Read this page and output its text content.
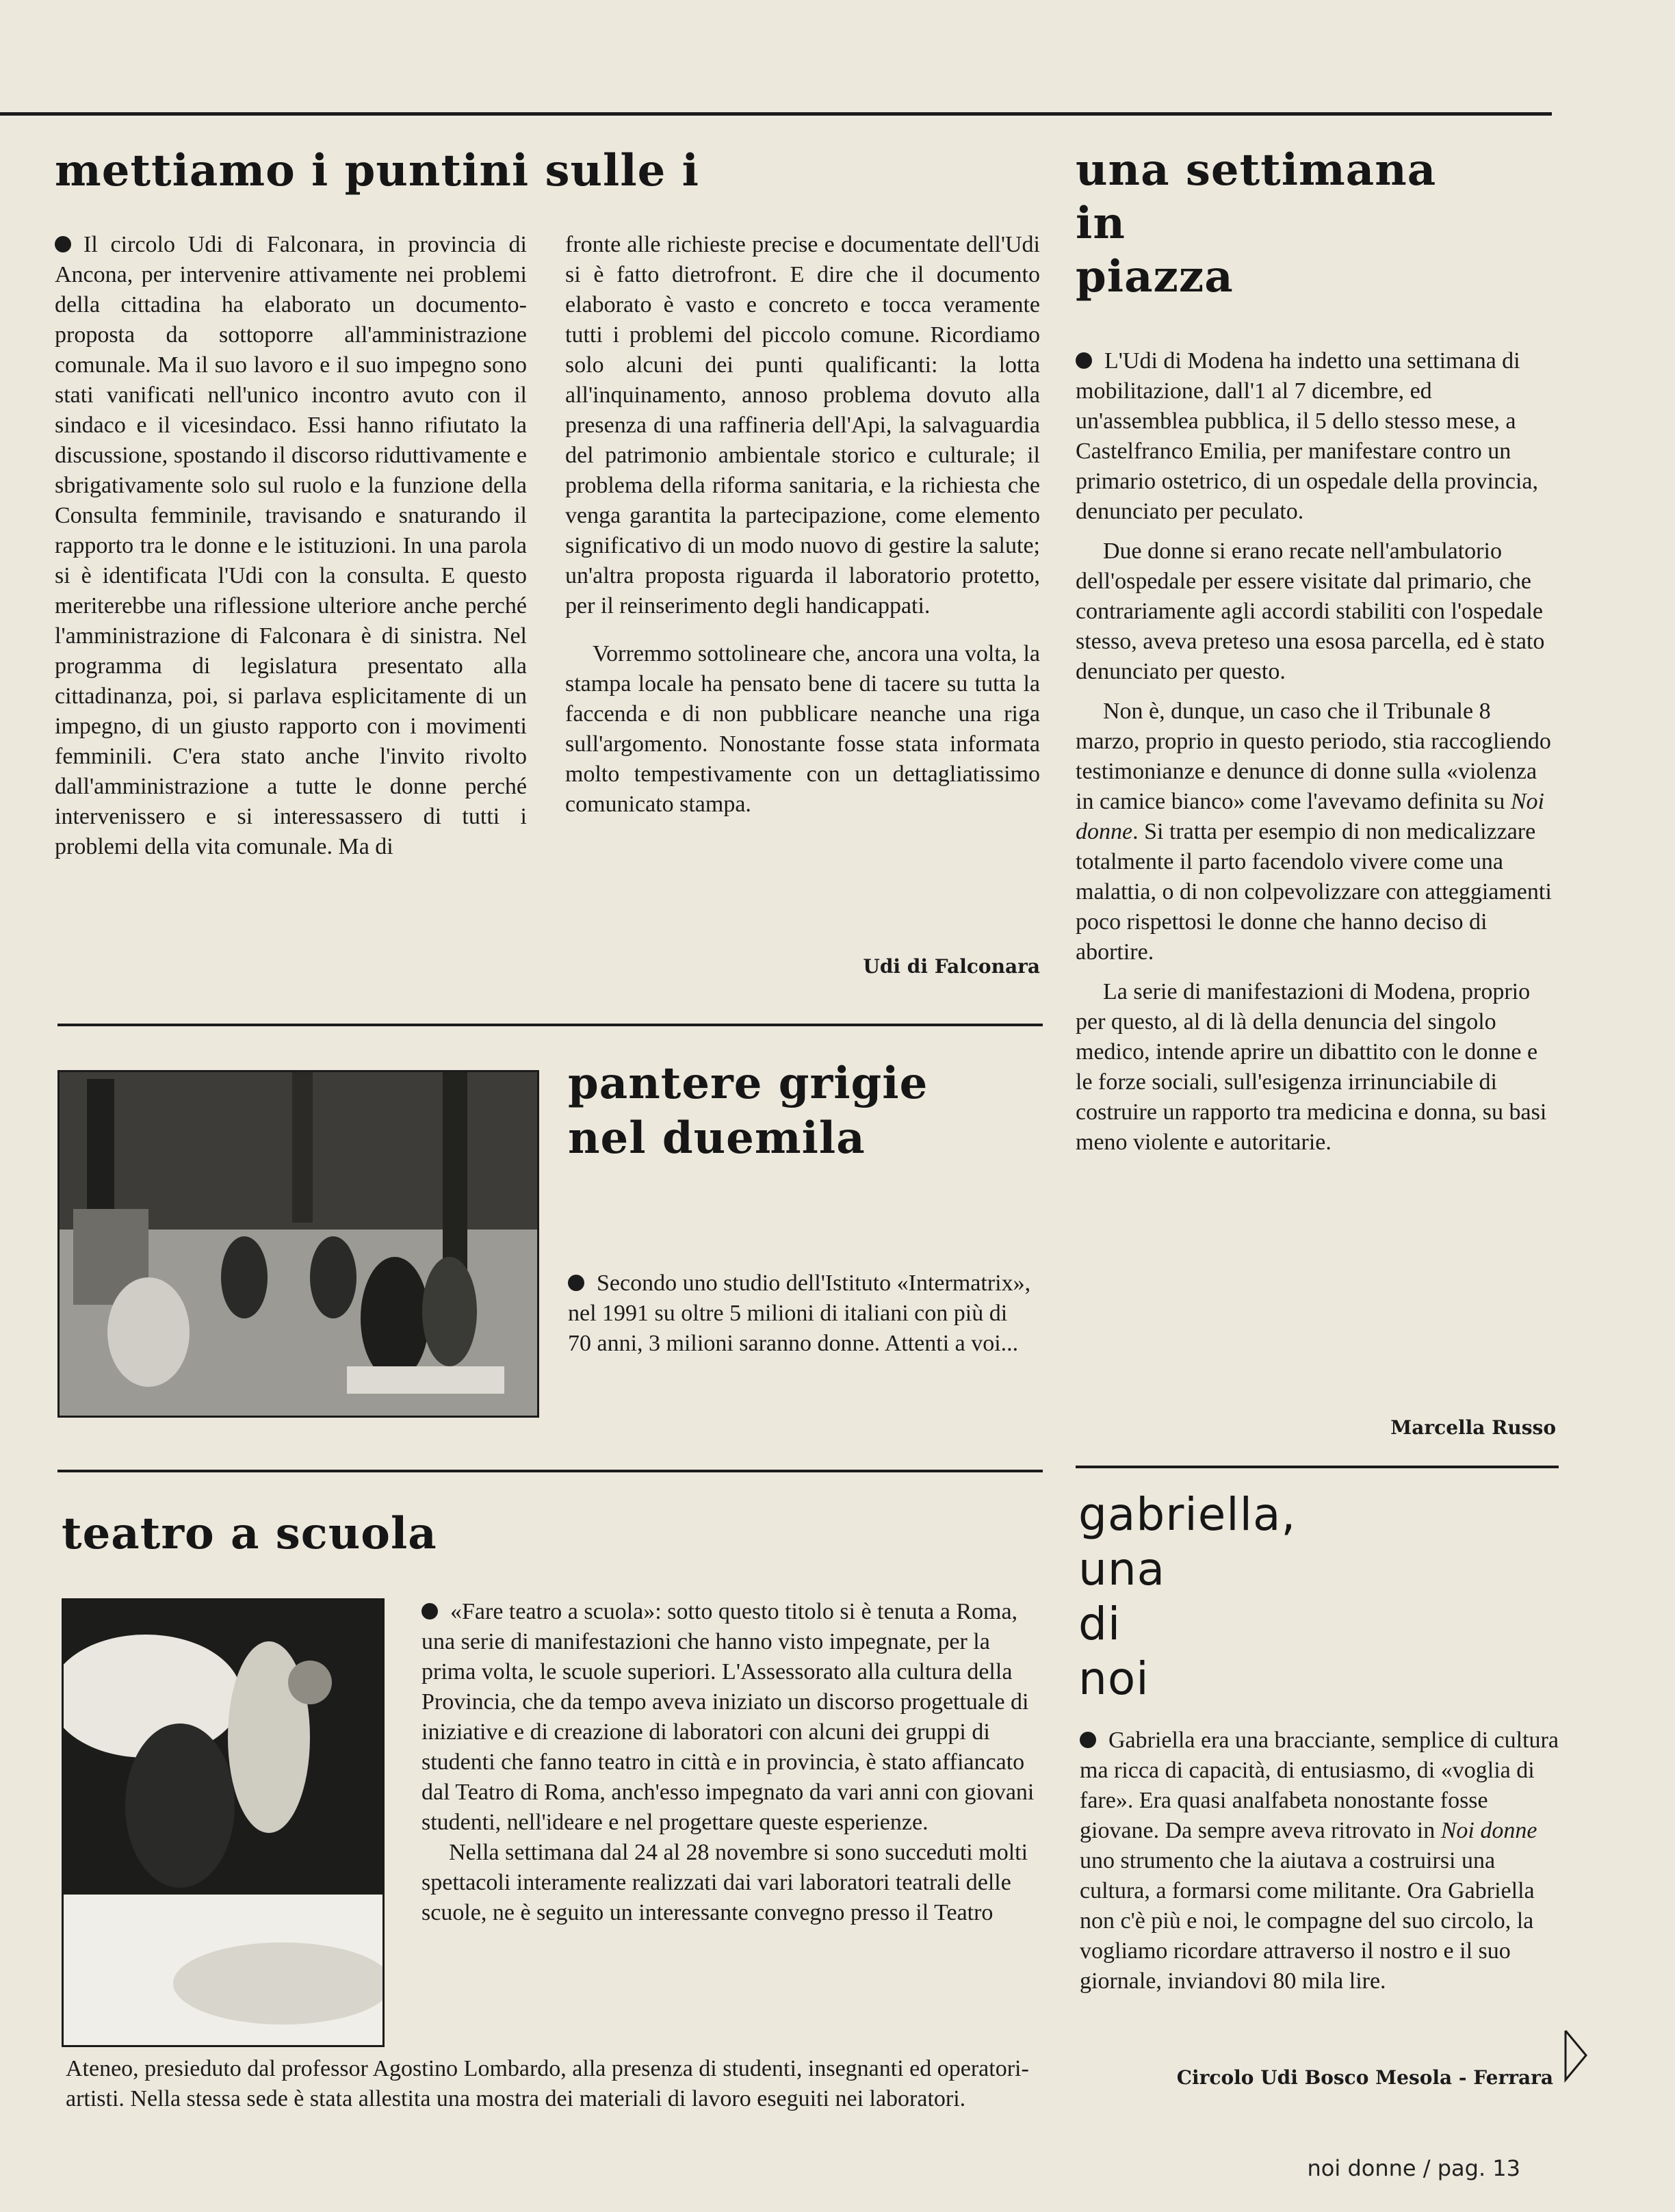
mettiamo i puntini sulle i

Il circolo Udi di Falconara, in provincia di Ancona, per intervenire attivamente nei problemi della cittadina ha elaborato un documento-proposta da sottoporre all'amministrazione comunale. Ma il suo lavoro e il suo impegno sono stati vanificati nell'unico incontro avuto con il sindaco e il vicesindaco. Essi hanno rifiutato la discussione, spostando il discorso riduttivamente e sbrigativamente solo sul ruolo e la funzione della Consulta femminile, travisando e snaturando il rapporto tra le donne e le istituzioni. In una parola si è identificata l'Udi con la consulta. E questo meriterebbe una riflessione ulteriore anche perché l'amministrazione di Falconara è di sinistra. Nel programma di legislatura presentato alla cittadinanza, poi, si parlava esplicitamente di un impegno, di un giusto rapporto con i movimenti femminili. C'era stato anche l'invito rivolto dall'amministrazione a tutte le donne perché intervenissero e si interessassero di tutti i problemi della vita comunale. Ma di

fronte alle richieste precise e documentate dell'Udi si è fatto dietrofront. E dire che il documento elaborato è vasto e concreto e tocca veramente tutti i problemi del piccolo comune. Ricordiamo solo alcuni dei punti qualificanti: la lotta all'inquinamento, annoso problema dovuto alla presenza di una raffineria dell'Api, la salvaguardia del patrimonio ambientale storico e culturale; il problema della riforma sanitaria, e la richiesta che venga garantita la partecipazione, come elemento significativo di un modo nuovo di gestire la salute; un'altra proposta riguarda il laboratorio protetto, per il reinserimento degli handicappati.

Vorremmo sottolineare che, ancora una volta, la stampa locale ha pensato bene di tacere su tutta la faccenda e di non pubblicare neanche una riga sull'argomento. Nonostante fosse stata informata molto tempestivamente con un dettagliatissimo comunicato stampa.

Udi di Falconara

una settimana
in
piazza

L'Udi di Modena ha indetto una settimana di mobilitazione, dall'1 al 7 dicembre, ed un'assemblea pubblica, il 5 dello stesso mese, a Castelfranco Emilia, per manifestare contro un primario ostetrico, di un ospedale della provincia, denunciato per peculato.

Due donne si erano recate nell'ambulatorio dell'ospedale per essere visitate dal primario, che contrariamente agli accordi stabiliti con l'ospedale stesso, aveva preteso una esosa parcella, ed è stato denunciato per questo.

Non è, dunque, un caso che il Tribunale 8 marzo, proprio in questo periodo, stia raccogliendo testimonianze e denunce di donne sulla «violenza in camice bianco» come l'avevamo definita su Noi donne. Si tratta per esempio di non medicalizzare totalmente il parto facendolo vivere come una malattia, o di non colpevolizzare con atteggiamenti poco rispettosi le donne che hanno deciso di abortire.

La serie di manifestazioni di Modena, proprio per questo, al di là della denuncia del singolo medico, intende aprire un dibattito con le donne e le forze sociali, sull'esigenza irrinunciabile di costruire un rapporto tra medicina e donna, su basi meno violente e autoritarie.

Marcella Russo

pantere grigie
nel duemila

Secondo uno studio dell'Istituto «Intermatrix», nel 1991 su oltre 5 milioni di italiani con più di 70 anni, 3 milioni saranno donne. Attenti a voi...

teatro a scuola

«Fare teatro a scuola»: sotto questo titolo si è tenuta a Roma, una serie di manifestazioni che hanno visto impegnate, per la prima volta, le scuole superiori. L'Assessorato alla cultura della Provincia, che da tempo aveva iniziato un discorso progettuale di iniziative e di creazione di laboratori con alcuni dei gruppi di studenti che fanno teatro in città e in provincia, è stato affiancato dal Teatro di Roma, anch'esso impegnato da vari anni con giovani studenti, nell'ideare e nel progettare queste esperienze.

Nella settimana dal 24 al 28 novembre si sono succeduti molti spettacoli interamente realizzati dai vari laboratori teatrali delle scuole, ne è seguito un interessante convegno presso il Teatro

Ateneo, presieduto dal professor Agostino Lombardo, alla presenza di studenti, insegnanti ed operatori-artisti. Nella stessa sede è stata allestita una mostra dei materiali di lavoro eseguiti nei laboratori.

gabriella,
una
di
noi

Gabriella era una bracciante, semplice di cultura ma ricca di capacità, di entusiasmo, di «voglia di fare». Era quasi analfabeta nonostante fosse giovane. Da sempre aveva ritrovato in Noi donne uno strumento che la aiutava a costruirsi una cultura, a formarsi come militante. Ora Gabriella non c'è più e noi, le compagne del suo circolo, la vogliamo ricordare attraverso il nostro e il suo giornale, inviandovi 80 mila lire.

Circolo Udi Bosco Mesola - Ferrara

noi donne / pag. 13
